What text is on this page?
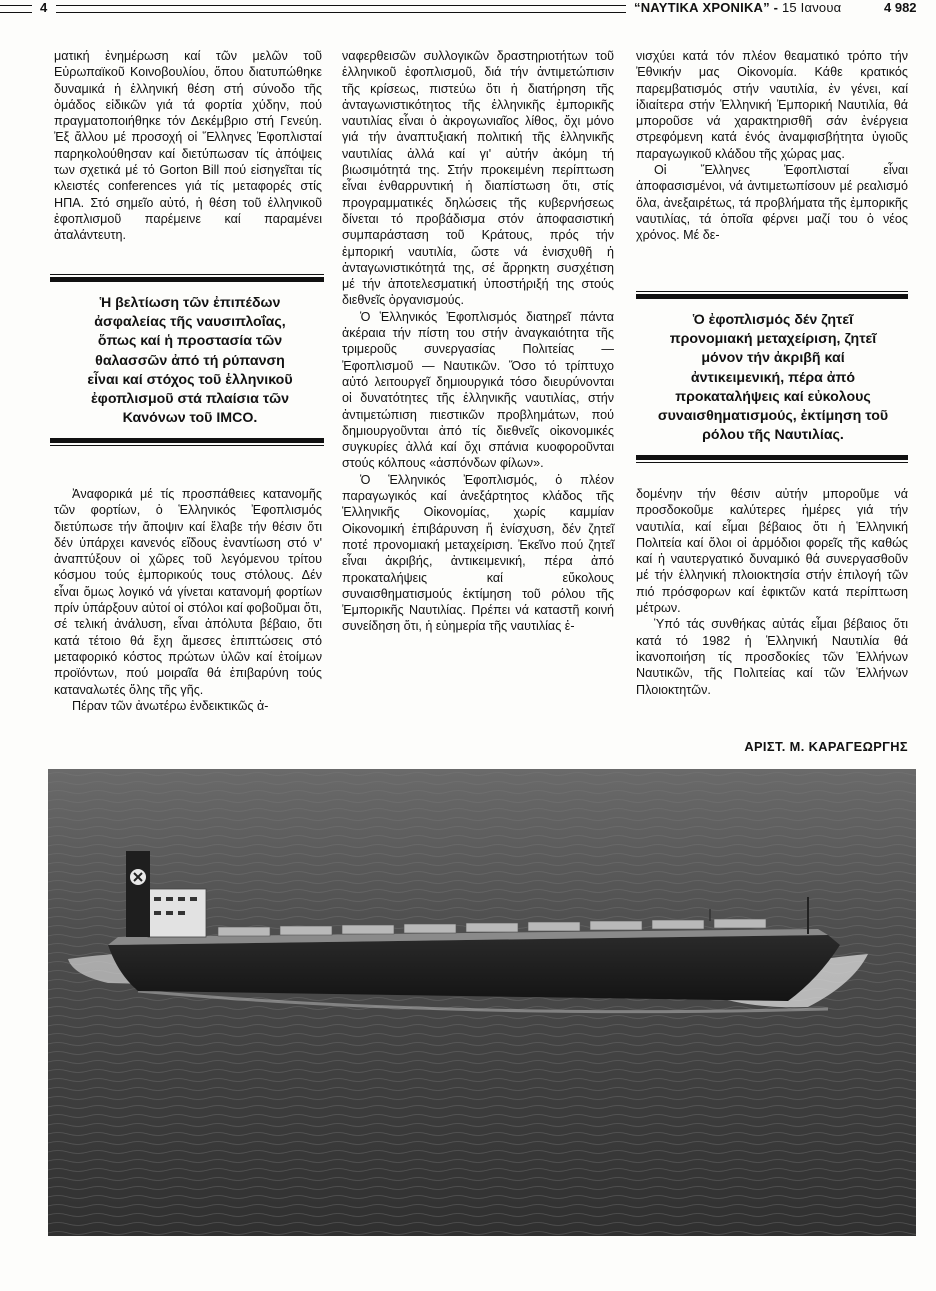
4	“ΝΑΥΤΙΚΑ ΧΡΟΝΙΚΑ” - 15 Ιανουα	4 982

ματική ἐνημέρωση καί τῶν μελῶν τοῦ Εὐρωπαϊκοῦ Κοινοβουλίου, ὅπου διατυπώθηκε δυναμικά ἡ ἑλληνική θέση στή σύνοδο τῆς ὁμάδος εἰδικῶν γιά τά φορτία χύδην, πού πραγματοποιήθηκε τόν Δεκέμβριο στή Γενεύη. Ἐξ ἄλλου μέ προσοχή οἱ Ἕλληνες Ἐφοπλισταί παρηκολούθησαν καί διετύπωσαν τίς ἀπόψεις των σχετικά μέ τό Gorton Bill πού εἰσηγεῖται τίς κλειστές conferences γιά τίς μεταφορές στίς ΗΠΑ. Στό σημεῖο αὐτό, ἡ θέση τοῦ ἑλληνικοῦ ἐφοπλισμοῦ παρέμεινε καί παραμένει ἀταλάντευτη.

Ἡ βελτίωση τῶν ἐπιπέδων ἀσφαλείας τῆς ναυσιπλοΐας, ὅπως καί ἡ προστασία τῶν θαλασσῶν ἀπό τή ρύπανση εἶναι καί στόχος τοῦ ἑλληνικοῦ ἐφοπλισμοῦ στά πλαίσια τῶν Κανόνων τοῦ IMCO.

Ἀναφορικά μέ τίς προσπάθειες κατανομῆς τῶν φορτίων, ὁ Ἑλληνικός Ἐφοπλισμός διετύπωσε τήν ἄποψιν καί ἔλαβε τήν θέσιν ὅτι δέν ὑπάρχει κανενός εἴδους ἐναντίωση στό ν' ἀναπτύξουν οἱ χῶρες τοῦ λεγόμενου τρίτου κόσμου τούς ἐμπορικούς τους στόλους. Δέν εἶναι ὅμως λογικό νά γίνεται κατανομή φορτίων πρίν ὑπάρξουν αὐτοί οἱ στόλοι καί φοβοῦμαι ὅτι, σέ τελική ἀνάλυση, εἶναι ἀπόλυτα βέβαιο, ὅτι κατά τέτοιο θά ἔχη ἄμεσες ἐπιπτώσεις στό μεταφορικό κόστος πρώτων ὑλῶν καί ἑτοίμων προϊόντων, πού μοιραῖα θά ἐπιβαρύνη τούς καταναλωτές ὅλης τῆς γῆς.

Πέραν τῶν ἀνωτέρω ἐνδεικτικῶς ἀ-

ναφερθεισῶν συλλογικῶν δραστηριοτήτων τοῦ ἑλληνικοῦ ἐφοπλισμοῦ, διά τήν ἀντιμετώπισιν τῆς κρίσεως, πιστεύω ὅτι ἡ διατήρηση τῆς ἀνταγωνιστικότητος τῆς ἑλληνικῆς ἐμπορικῆς ναυτιλίας εἶναι ὁ ἀκρογωνιαῖος λίθος, ὄχι μόνο γιά τήν ἀναπτυξιακή πολιτική τῆς ἑλληνικῆς ναυτιλίας ἀλλά καί γι' αὐτήν ἀκόμη τή βιωσιμότητά της. Στήν προκειμένη περίπτωση εἶναι ἐνθαρρυντική ἡ διαπίστωση ὅτι, στίς προγραμματικές δηλώσεις τῆς κυβερνήσεως δίνεται τό προβάδισμα στόν ἀποφασιστική συμπαράσταση τοῦ Κράτους, πρός τήν ἐμπορική ναυτιλία, ὥστε νά ἐνισχυθῆ ἡ ἀνταγωνιστικότητά της, σέ ἄρρηκτη συσχέτιση μέ τήν ἀποτελεσματική ὑποστήριξή της στούς διεθνεῖς ὀργανισμούς.

Ὁ Ἑλληνικός Ἐφοπλισμός διατηρεῖ πάντα ἀκέραια τήν πίστη του στήν ἀναγκαιότητα τῆς τριμεροῦς συνεργασίας Πολιτείας — Ἐφοπλισμοῦ — Ναυτικῶν. Ὅσο τό τρίπτυχο αὐτό λειτουργεῖ δημιουργικά τόσο διευρύνονται οἱ δυνατότητες τῆς ἑλληνικῆς ναυτιλίας, στήν ἀντιμετώπιση πιεστικῶν προβλημάτων, πού δημιουργοῦνται ἀπό τίς διεθνεῖς οἰκονομικές συγκυρίες ἀλλά καί ὄχι σπάνια κυοφοροῦνται στούς κόλπους «ἀσπόνδων φίλων».

Ὁ Ἑλληνικός Ἐφοπλισμός, ὁ πλέον παραγωγικός καί ἀνεξάρτητος κλάδος τῆς Ἑλληνικῆς Οἰκονομίας, χωρίς καμμίαν Οἰκονομική ἐπιβάρυνση ἤ ἐνίσχυση, δέν ζητεῖ ποτέ προνομιακή μεταχείριση. Ἐκεῖνο πού ζητεῖ εἶναι ἀκριβής, ἀντικειμενική, πέρα ἀπό προκαταλήψεις καί εὔκολους συναισθηματισμούς ἐκτίμηση τοῦ ρόλου τῆς Ἐμπορικῆς Ναυτιλίας. Πρέπει νά καταστῆ κοινή συνείδηση ὅτι, ἡ εὐημερία τῆς ναυτιλίας ἐ-

νισχύει κατά τόν πλέον θεαματικό τρόπο τήν Ἐθνικήν μας Οἰκονομία. Κάθε κρατικός παρεμβατισμός στήν ναυτιλία, ἐν γένει, καί ἰδιαίτερα στήν Ἑλληνική Ἐμπορική Ναυτιλία, θά μποροῦσε νά χαρακτηρισθῆ σάν ἐνέργεια στρεφόμενη κατά ἑνός ἀναμφισβήτητα ὑγιοῦς παραγωγικοῦ κλάδου τῆς χώρας μας.

Οἱ Ἕλληνες Ἐφοπλισταί εἶναι ἀποφασισμένοι, νά ἀντιμετωπίσουν μέ ρεαλισμό ὅλα, ἀνεξαιρέτως, τά προβλήματα τῆς ἐμπορικῆς ναυτιλίας, τά ὁποῖα φέρνει μαζί του ὁ νέος χρόνος. Μέ δε-

Ὁ ἐφοπλισμός δέν ζητεῖ προνομιακή μεταχείριση, ζητεῖ μόνον τήν ἀκριβῆ καί ἀντικειμενική, πέρα ἀπό προκαταλήψεις καί εὐκολους συναισθηματισμούς, ἐκτίμηση τοῦ ρόλου τῆς Ναυτιλίας.

δομένην τήν θέσιν αὐτήν μποροῦμε νά προσδοκοῦμε καλύτερες ἡμέρες γιά τήν ναυτιλία, καί εἶμαι βέβαιος ὅτι ἡ Ἑλληνική Πολιτεία καί ὅλοι οἱ ἁρμόδιοι φορεῖς τῆς καθώς καί ἡ ναυτεργατικό δυναμικό θά συνεργασθοῦν μέ τήν ἑλληνική πλοιοκτησία στήν ἐπιλογή τῶν πιό πρόσφορων καί ἐφικτῶν κατά περίπτωση μέτρων.

Ὑπό τάς συνθήκας αὐτάς εἶμαι βέβαιος ὅτι κατά τό 1982 ἡ Ἑλληνική Ναυτιλία θά ἱκανοποιήση τίς προσδοκίες τῶν Ἑλλήνων Ναυτικῶν, τῆς Πολιτείας καί τῶν Ἑλλήνων Πλοιοκτητῶν.

ΑΡΙΣΤ. Μ. ΚΑΡΑΓΕΩΡΓΗΣ
